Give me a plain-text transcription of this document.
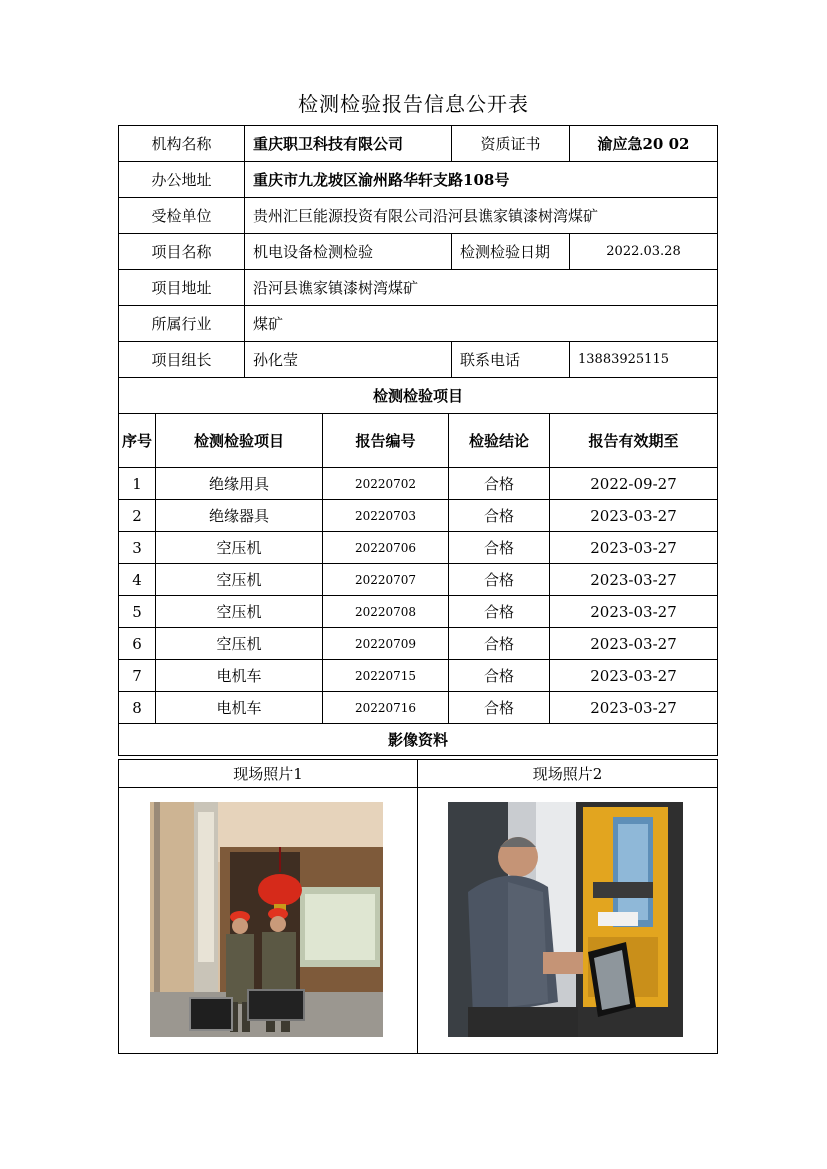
检测检验报告信息公开表
机构名称	重庆职卫科技有限公司	资质证书	渝应急20 02
办公地址	重庆市九龙坡区渝州路华轩支路108号		
受检单位	贵州汇巨能源投资有限公司沿河县谯家镇漆树湾煤矿		
项目名称	机电设备检测检验	检测检验日期	2022.03.28
项目地址	沿河县谯家镇漆树湾煤矿		
所属行业	煤矿		
项目组长	孙化莹	联系电话	13883925115
检测检验项目			
序号	检测检验项目	报告编号	检验结论	报告有效期至
1	绝缘用具	20220702	合格	2022-09-27
2	绝缘器具	20220703	合格	2023-03-27
3	空压机	20220706	合格	2023-03-27
4	空压机	20220707	合格	2023-03-27
5	空压机	20220708	合格	2023-03-27
6	空压机	20220709	合格	2023-03-27
7	电机车	20220715	合格	2023-03-27
8	电机车	20220716	合格	2023-03-27
影像资料				
现场照片1	现场照片2
